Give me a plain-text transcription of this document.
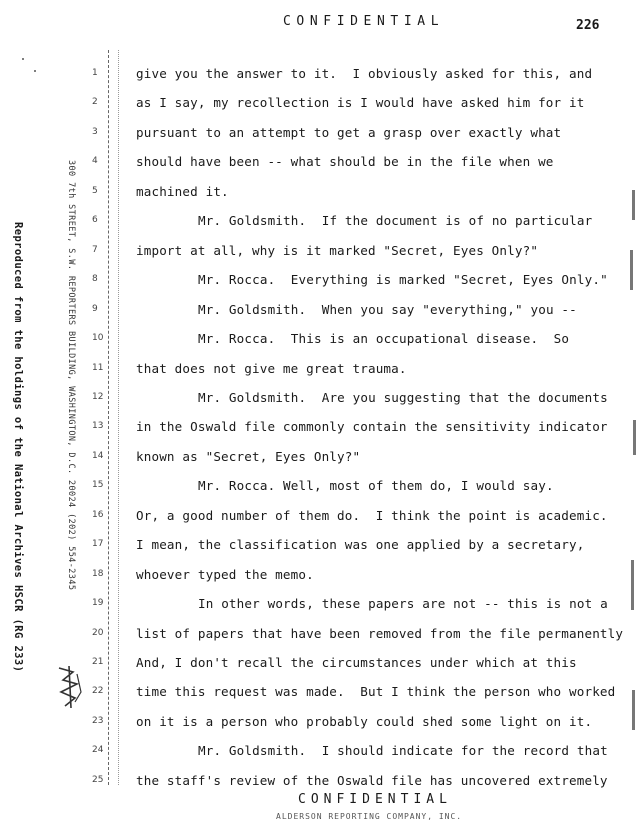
CONFIDENTIAL	226
Reproduced from the holdings of the National Archives HSCR (RG 233)	300 7th STREET, S.W. REPORTERS BUILDING, WASHINGTON, D.C. 20024 (202) 554-2345
1
2
3
4
5
6
7
8
9
10
11
12
13
14
15
16
17
18
19
20
21
22
23
24
25
give you the answer to it.  I obviously asked for this, and
as I say, my recollection is I would have asked him for it
pursuant to an attempt to get a grasp over exactly what
should have been -- what should be in the file when we
machined it.
Mr. Goldsmith.  If the document is of no particular
import at all, why is it marked "Secret, Eyes Only?"
Mr. Rocca.  Everything is marked "Secret, Eyes Only."
Mr. Goldsmith.  When you say "everything," you --
Mr. Rocca.  This is an occupational disease.  So
that does not give me great trauma.
Mr. Goldsmith.  Are you suggesting that the documents
in the Oswald file commonly contain the sensitivity indicator
known as "Secret, Eyes Only?"
Mr. Rocca. Well, most of them do, I would say.
Or, a good number of them do.  I think the point is academic.
I mean, the classification was one applied by a secretary,
whoever typed the memo.
In other words, these papers are not -- this is not a
list of papers that have been removed from the file permanently
And, I don't recall the circumstances under which at this
time this request was made.  But I think the person who worked
on it is a person who probably could shed some light on it.
Mr. Goldsmith.  I should indicate for the record that
the staff's review of the Oswald file has uncovered extremely
CONFIDENTIAL
ALDERSON REPORTING COMPANY, INC.
